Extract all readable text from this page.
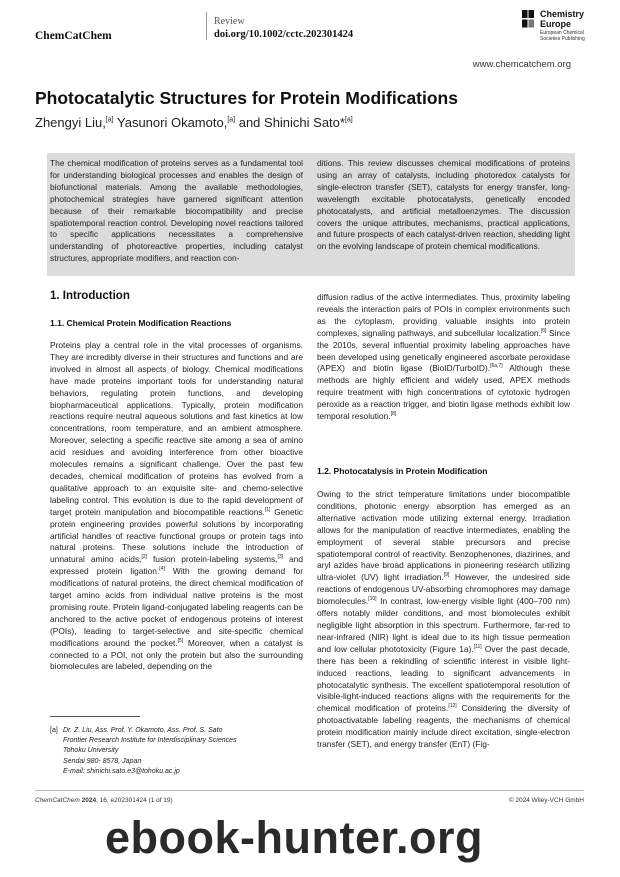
ChemCatChem
Review
doi.org/10.1002/cctc.202301424
Chemistry
Europe
European Chemical
Societies Publishing
www.chemcatchem.org
Photocatalytic Structures for Protein Modifications
Zhengyi Liu,[a] Yasunori Okamoto,[a] and Shinichi Sato*[a]
The chemical modification of proteins serves as a fundamental tool for understanding biological processes and enables the design of biofunctional materials. Among the available methodologies, photochemical strategies have garnered significant attention because of their remarkable biocompatibility and precise spatiotemporal reaction control. Developing novel reactions tailored to specific applications necessitates a comprehensive understanding of photoreactive properties, including catalyst structures, appropriate modifiers, and reaction con-
ditions. This review discusses chemical modifications of proteins using an array of catalysts, including photoredox catalysts for single-electron transfer (SET), catalysts for energy transfer, long-wavelength excitable photocatalysts, genetically encoded photocatalysts, and artificial metalloenzymes. The discussion covers the unique attributes, mechanisms, practical applications, and future prospects of each catalyst-driven reaction, shedding light on the evolving landscape of protein chemical modifications.
1. Introduction
1.1. Chemical Protein Modification Reactions
1.2. Photocatalysis in Protein Modification
Proteins play a central role in the vital processes of organisms. They are incredibly diverse in their structures and functions and are involved in almost all aspects of biology. Chemical modifications have made proteins important tools for understanding natural behaviors, regulating protein functions, and developing biopharmaceutical applications. Typically, protein modification reactions require neutral aqueous solutions and fast kinetics at low concentrations, room temperature, and an ambient atmosphere. Moreover, selecting a specific reactive site among a sea of amino acid residues and avoiding interference from other bioactive molecules remains a significant challenge. Over the past few decades, chemical modification of proteins has evolved from a qualitative approach to an exquisite site- and chemo-selective labeling control. This evolution is due to the rapid development of target protein manipulation and biocompatible reactions.[1] Genetic protein engineering provides powerful solutions by incorporating artificial handles of reactive functional groups or protein tags into natural proteins. These solutions include the introduction of unnatural amino acids,[2] fusion protein-labeling systems,[3] and expressed protein ligation.[4] With the growing demand for modifications of natural proteins, the direct chemical modification of target amino acids from individual native proteins is the most promising route. Protein ligand-conjugated labeling reagents can be anchored to the active pocket of endogenous proteins of interest (POIs), leading to target-selective and site-specific chemical modifications around the pocket.[5] Moreover, when a catalyst is connected to a POI, not only the protein but also the surrounding biomolecules are labeled, depending on the
diffusion radius of the active intermediates. Thus, proximity labeling reveals the interaction pairs of POIs in complex environments such as the cytoplasm, providing valuable insights into protein complexes, signaling pathways, and subcellular localization.[6] Since the 2010s, several influential proximity labeling approaches have been developed using genetically engineered ascorbate peroxidase (APEX) and biotin ligase (BioID/TurboID).[6a,7] Although these methods are highly efficient and widely used, APEX methods require treatment with high concentrations of cytotoxic hydrogen peroxide as a reaction trigger, and biotin ligase methods exhibit low temporal resolution.[8]
Owing to the strict temperature limitations under biocompatible conditions, photonic energy absorption has emerged as an alternative activation mode utilizing external energy. Irradiation allows for the manipulation of reactive intermediates, enabling the employment of several stable precursors and precise spatiotemporal control of reactivity. Benzophenones, diazirines, and aryl azides have broad applications in pioneering research utilizing ultra-violet (UV) light irradiation.[9] However, the undesired side reactions of endogenous UV-absorbing chromophores may damage biomolecules.[10] In contrast, low-energy visible light (400–700 nm) offers notably milder conditions, and most biomolecules exhibit negligible light absorption in this spectrum. Furthermore, far-red to near-infrared (NIR) light is ideal due to its high tissue permeation and low cellular phototoxicity (Figure 1a).[11] Over the past decade, there has been a rekindling of scientific interest in visible light-induced reactions, leading to significant advancements in photocatalytic synthesis. The excellent spatiotemporal resolution of visible-light-induced reactions aligns with the requirements for the chemical modification of proteins.[12] Considering the diversity of photoactivatable labeling reagents, the mechanisms of chemical protein modification mainly include direct excitation, single-electron transfer (SET), and energy transfer (EnT) (Fig-
[a] Dr. Z. Liu, Ass. Prof. Y. Okamoto, Ass. Prof. S. Sato
Frontier Research Institute for Interdisciplinary Sciences
Tohoku University
Sendai 980- 8578, Japan
E-mail: shinichi.sato.e3@tohoku.ac.jp
ChemCatChem 2024, 16, e202301424 (1 of 19)	© 2024 Wiley-VCH GmbH
ebook-hunter.org
